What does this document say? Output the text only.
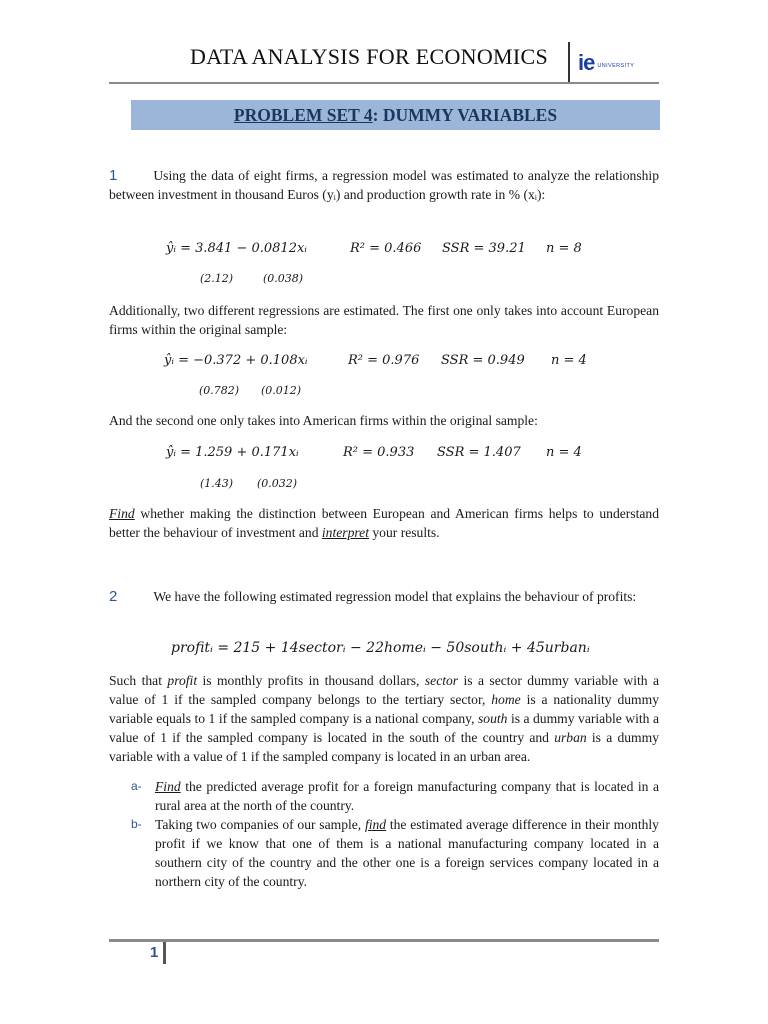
DATA ANALYSIS FOR ECONOMICS ie UNIVERSITY
PROBLEM SET 4: DUMMY VARIABLES
1	Using the data of eight firms, a regression model was estimated to analyze the relationship between investment in thousand Euros (yᵢ) and production growth rate in % (xᵢ):
ŷᵢ = 3.841 − 0.0812xᵢ	R² = 0.466 SSR = 39.21 n = 8
(2.12)	(0.038)
Additionally, two different regressions are estimated. The first one only takes into account European firms within the original sample:
ŷᵢ = −0.372 + 0.108xᵢ	R² = 0.976 SSR = 0.949 n = 4
(0.782) (0.012)
And the second one only takes into American firms within the original sample:
ŷᵢ = 1.259 + 0.171xᵢ	R² = 0.933 SSR = 1.407 n = 4
(1.43) (0.032)
Find whether making the distinction between European and American firms helps to understand better the behaviour of investment and interpret your results.
2	We have the following estimated regression model that explains the behaviour of profits:
profitᵢ = 215 + 14sectorᵢ − 22homeᵢ − 50southᵢ + 45urbanᵢ
Such that profit is monthly profits in thousand dollars, sector is a sector dummy variable with a value of 1 if the sampled company belongs to the tertiary sector, home is a nationality dummy variable equals to 1 if the sampled company is a national company, south is a dummy variable with a value of 1 if the sampled company is located in the south of the country and urban is a dummy variable with a value of 1 if the sampled company is located in an urban area.
a- Find the predicted average profit for a foreign manufacturing company that is located in a rural area at the north of the country.
b- Taking two companies of our sample, find the estimated average difference in their monthly profit if we know that one of them is a national manufacturing company located in a southern city of the country and the other one is a foreign services company located in a northern city of the country.
1
